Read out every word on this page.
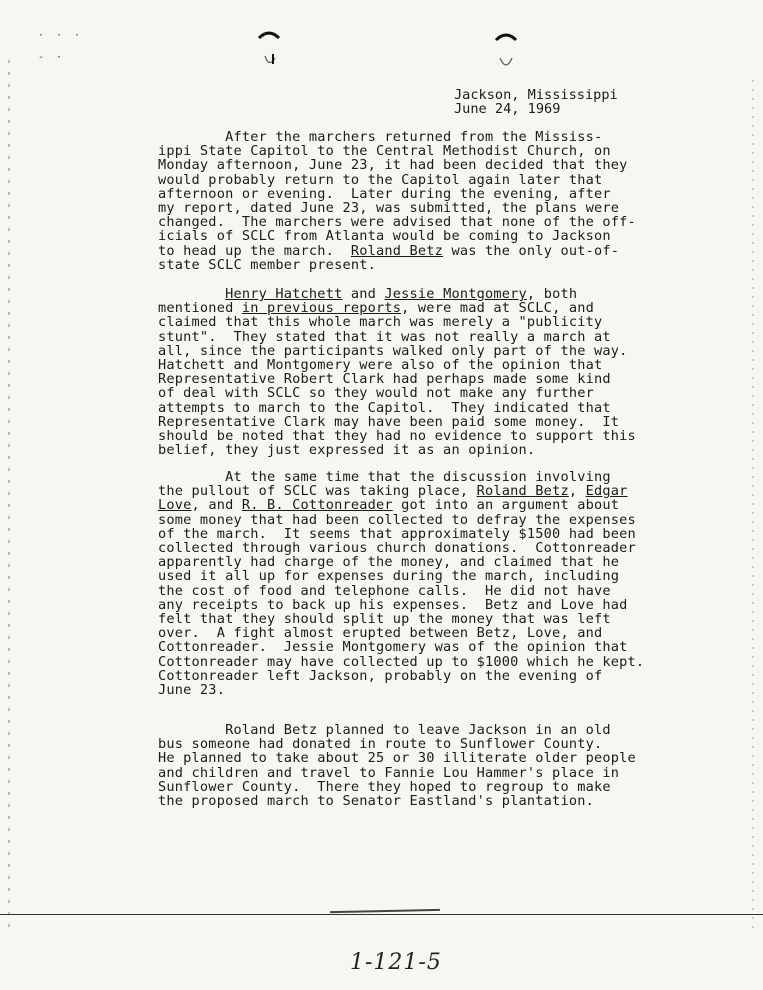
·  ·  ·

-  ·
Jackson, Mississippi
June 24, 1969
After the marchers returned from the Mississ-
ippi State Capitol to the Central Methodist Church, on
Monday afternoon, June 23, it had been decided that they
would probably return to the Capitol again later that
afternoon or evening.  Later during the evening, after
my report, dated June 23, was submitted, the plans were
changed.  The marchers were advised that none of the off-
icials of SCLC from Atlanta would be coming to Jackson
to head up the march.  Roland Betz was the only out-of-
state SCLC member present.
Henry Hatchett and Jessie Montgomery, both
mentioned in previous reports, were mad at SCLC, and
claimed that this whole march was merely a "publicity
stunt".  They stated that it was not really a march at
all, since the participants walked only part of the way.
Hatchett and Montgomery were also of the opinion that
Representative Robert Clark had perhaps made some kind
of deal with SCLC so they would not make any further
attempts to march to the Capitol.  They indicated that
Representative Clark may have been paid some money.  It
should be noted that they had no evidence to support this
belief, they just expressed it as an opinion.
At the same time that the discussion involving
the pullout of SCLC was taking place, Roland Betz, Edgar
Love, and R. B. Cottonreader got into an argument about
some money that had been collected to defray the expenses
of the march.  It seems that approximately $1500 had been
collected through various church donations.  Cottonreader
apparently had charge of the money, and claimed that he
used it all up for expenses during the march, including
the cost of food and telephone calls.  He did not have
any receipts to back up his expenses.  Betz and Love had
felt that they should split up the money that was left
over.  A fight almost erupted between Betz, Love, and
Cottonreader.  Jessie Montgomery was of the opinion that
Cottonreader may have collected up to $1000 which he kept.
Cottonreader left Jackson, probably on the evening of
June 23.
Roland Betz planned to leave Jackson in an old
bus someone had donated in route to Sunflower County.
He planned to take about 25 or 30 illiterate older people
and children and travel to Fannie Lou Hammer's place in
Sunflower County.  There they hoped to regroup to make
the proposed march to Senator Eastland's plantation.
1-121-5
